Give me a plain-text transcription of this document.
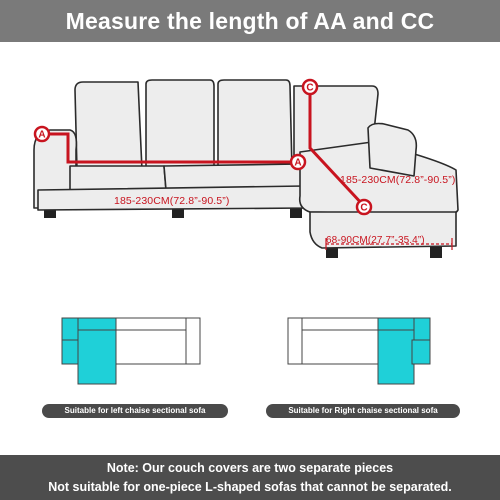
Measure the length of AA and CC
A
A
C
C
185-230CM(72.8”-90.5”)
185-230CM(72.8”-90.5”)
68-90CM(27.7”-35.4”)
Suitable for left chaise sectional sofa	Suitable for Right chaise sectional sofa
Note: Our couch covers are two separate pieces
Not suitable for one-piece L-shaped sofas that cannot be separated.
